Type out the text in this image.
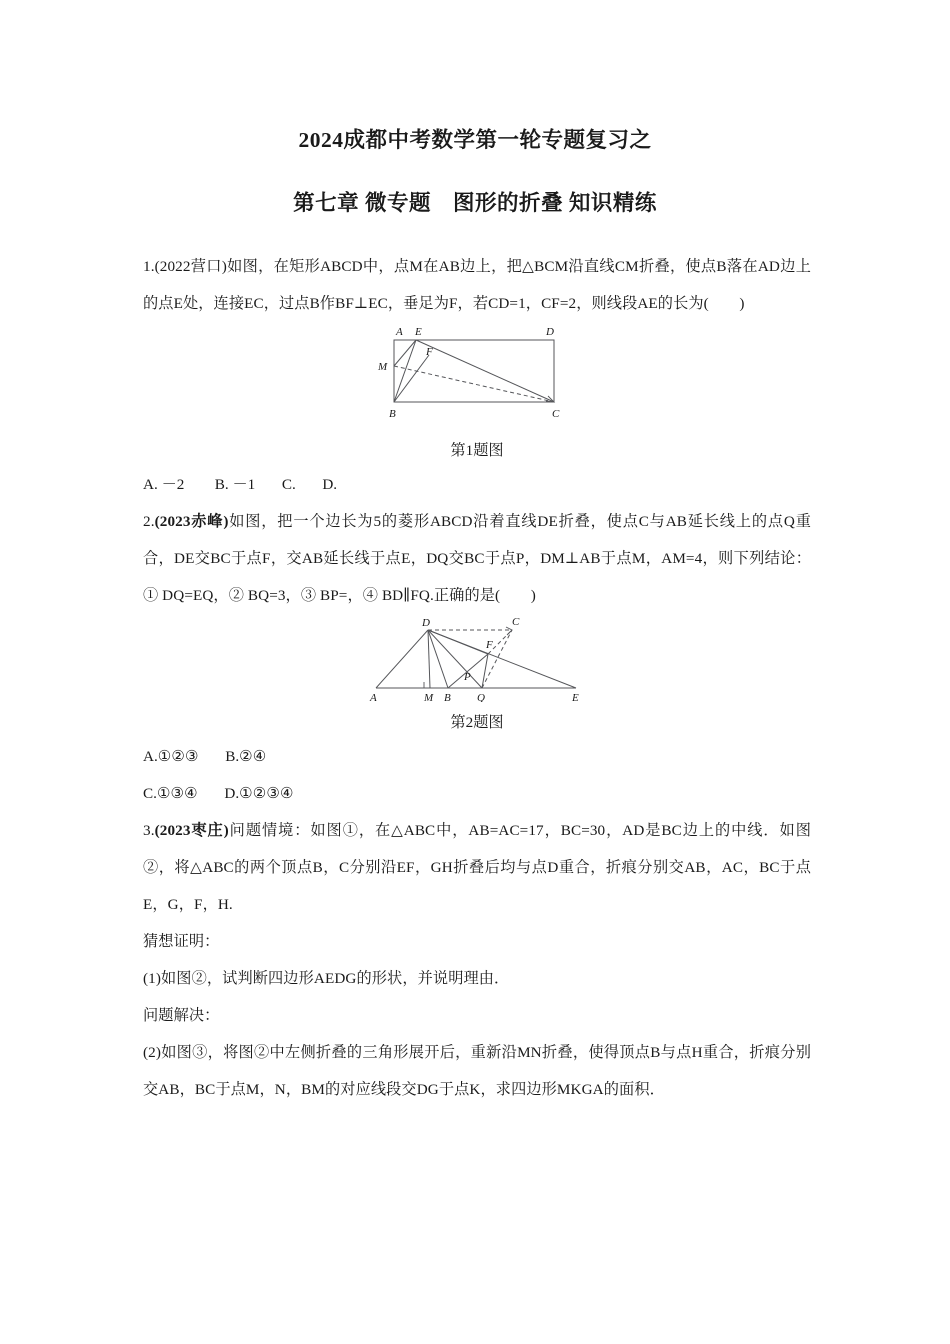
2024成都中考数学第一轮专题复习之
第七章 微专题　图形的折叠 知识精练

1.(2022营口)如图，在矩形ABCD中，点M在AB边上，把△BCM沿直线CM折叠，使点B落在AD边上的点E处，连接EC，过点B作BF⊥EC，垂足为F，若CD=1，CF=2，则线段AE的长为(　　)

A E	D
M
F
B	C
第1题图
A. －2 B. －1 C. D.

2.(2023赤峰)如图，把一个边长为5的菱形ABCD沿着直线DE折叠，使点C与AB延长线上的点Q重合，DE交BC于点F，交AB延长线于点E，DQ交BC于点P，DM⊥AB于点M，AM=4，则下列结论：① DQ=EQ，② BQ=3，③ BP=，④ BD∥FQ.正确的是(　　)

D	C
F
P
A	M B Q	E
第2题图
A.①②③ B.②④
C.①③④ D.①②③④

3.(2023枣庄)问题情境：如图①，在△ABC中，AB=AC=17，BC=30，AD是BC边上的中线．如图②，将△ABC的两个顶点B，C分别沿EF，GH折叠后均与点D重合，折痕分别交AB，AC，BC于点E，G，F，H.

猜想证明：

(1)如图②，试判断四边形AEDG的形状，并说明理由．

问题解决：

(2)如图③，将图②中左侧折叠的三角形展开后，重新沿MN折叠，使得顶点B与点H重合，折痕分别交AB，BC于点M，N，BM的对应线段交DG于点K，求四边形MKGA的面积．
